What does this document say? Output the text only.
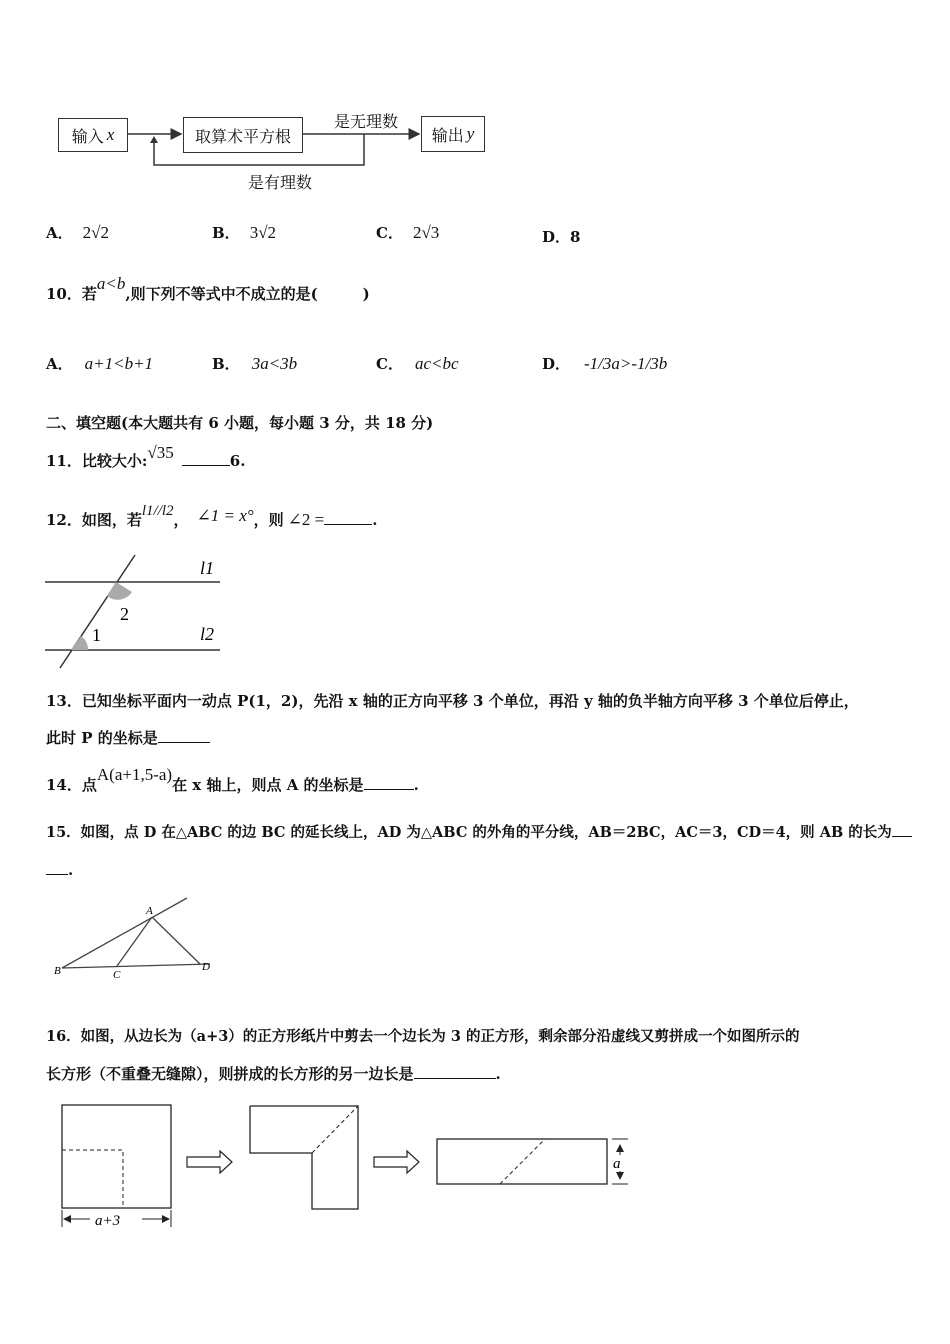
输入 x	取算术平方根	输出 y
是无理数
是有理数
A． 2√2	B． 3√2	C． 2√3	D．8
10．若a<b,则下列不等式中不成立的是(　　　)
A． a+1<b+1	B． 3a<3b	C． ac<bc	D． -1/3a>-1/3b
二、填空题(本大题共有 6 小题，每小题 3 分，共 18 分)
11．比较大小:√35	6.
12．如图，若l1//l2， ∠1 = x°，则 ∠2 =	.
l1
l2
1
2
13．已知坐标平面内一动点 P(1，2)，先沿 x 轴的正方向平移 3 个单位，再沿 y 轴的负半轴方向平移 3 个单位后停止，
此时 P 的坐标是
14．点A(a+1,5-a)在 x 轴上，则点 A 的坐标是	.
15．如图，点 D 在△ABC 的边 BC 的延长线上，AD 为△ABC 的外角的平分线，AB＝2BC，AC＝3，CD＝4，则 AB 的长为
.
A
B	C
D
16．如图，从边长为（a+3）的正方形纸片中剪去一个边长为 3 的正方形，剩余部分沿虚线又剪拼成一个如图所示的
长方形（不重叠无缝隙），则拼成的长方形的另一边长是	.
a+3
a
